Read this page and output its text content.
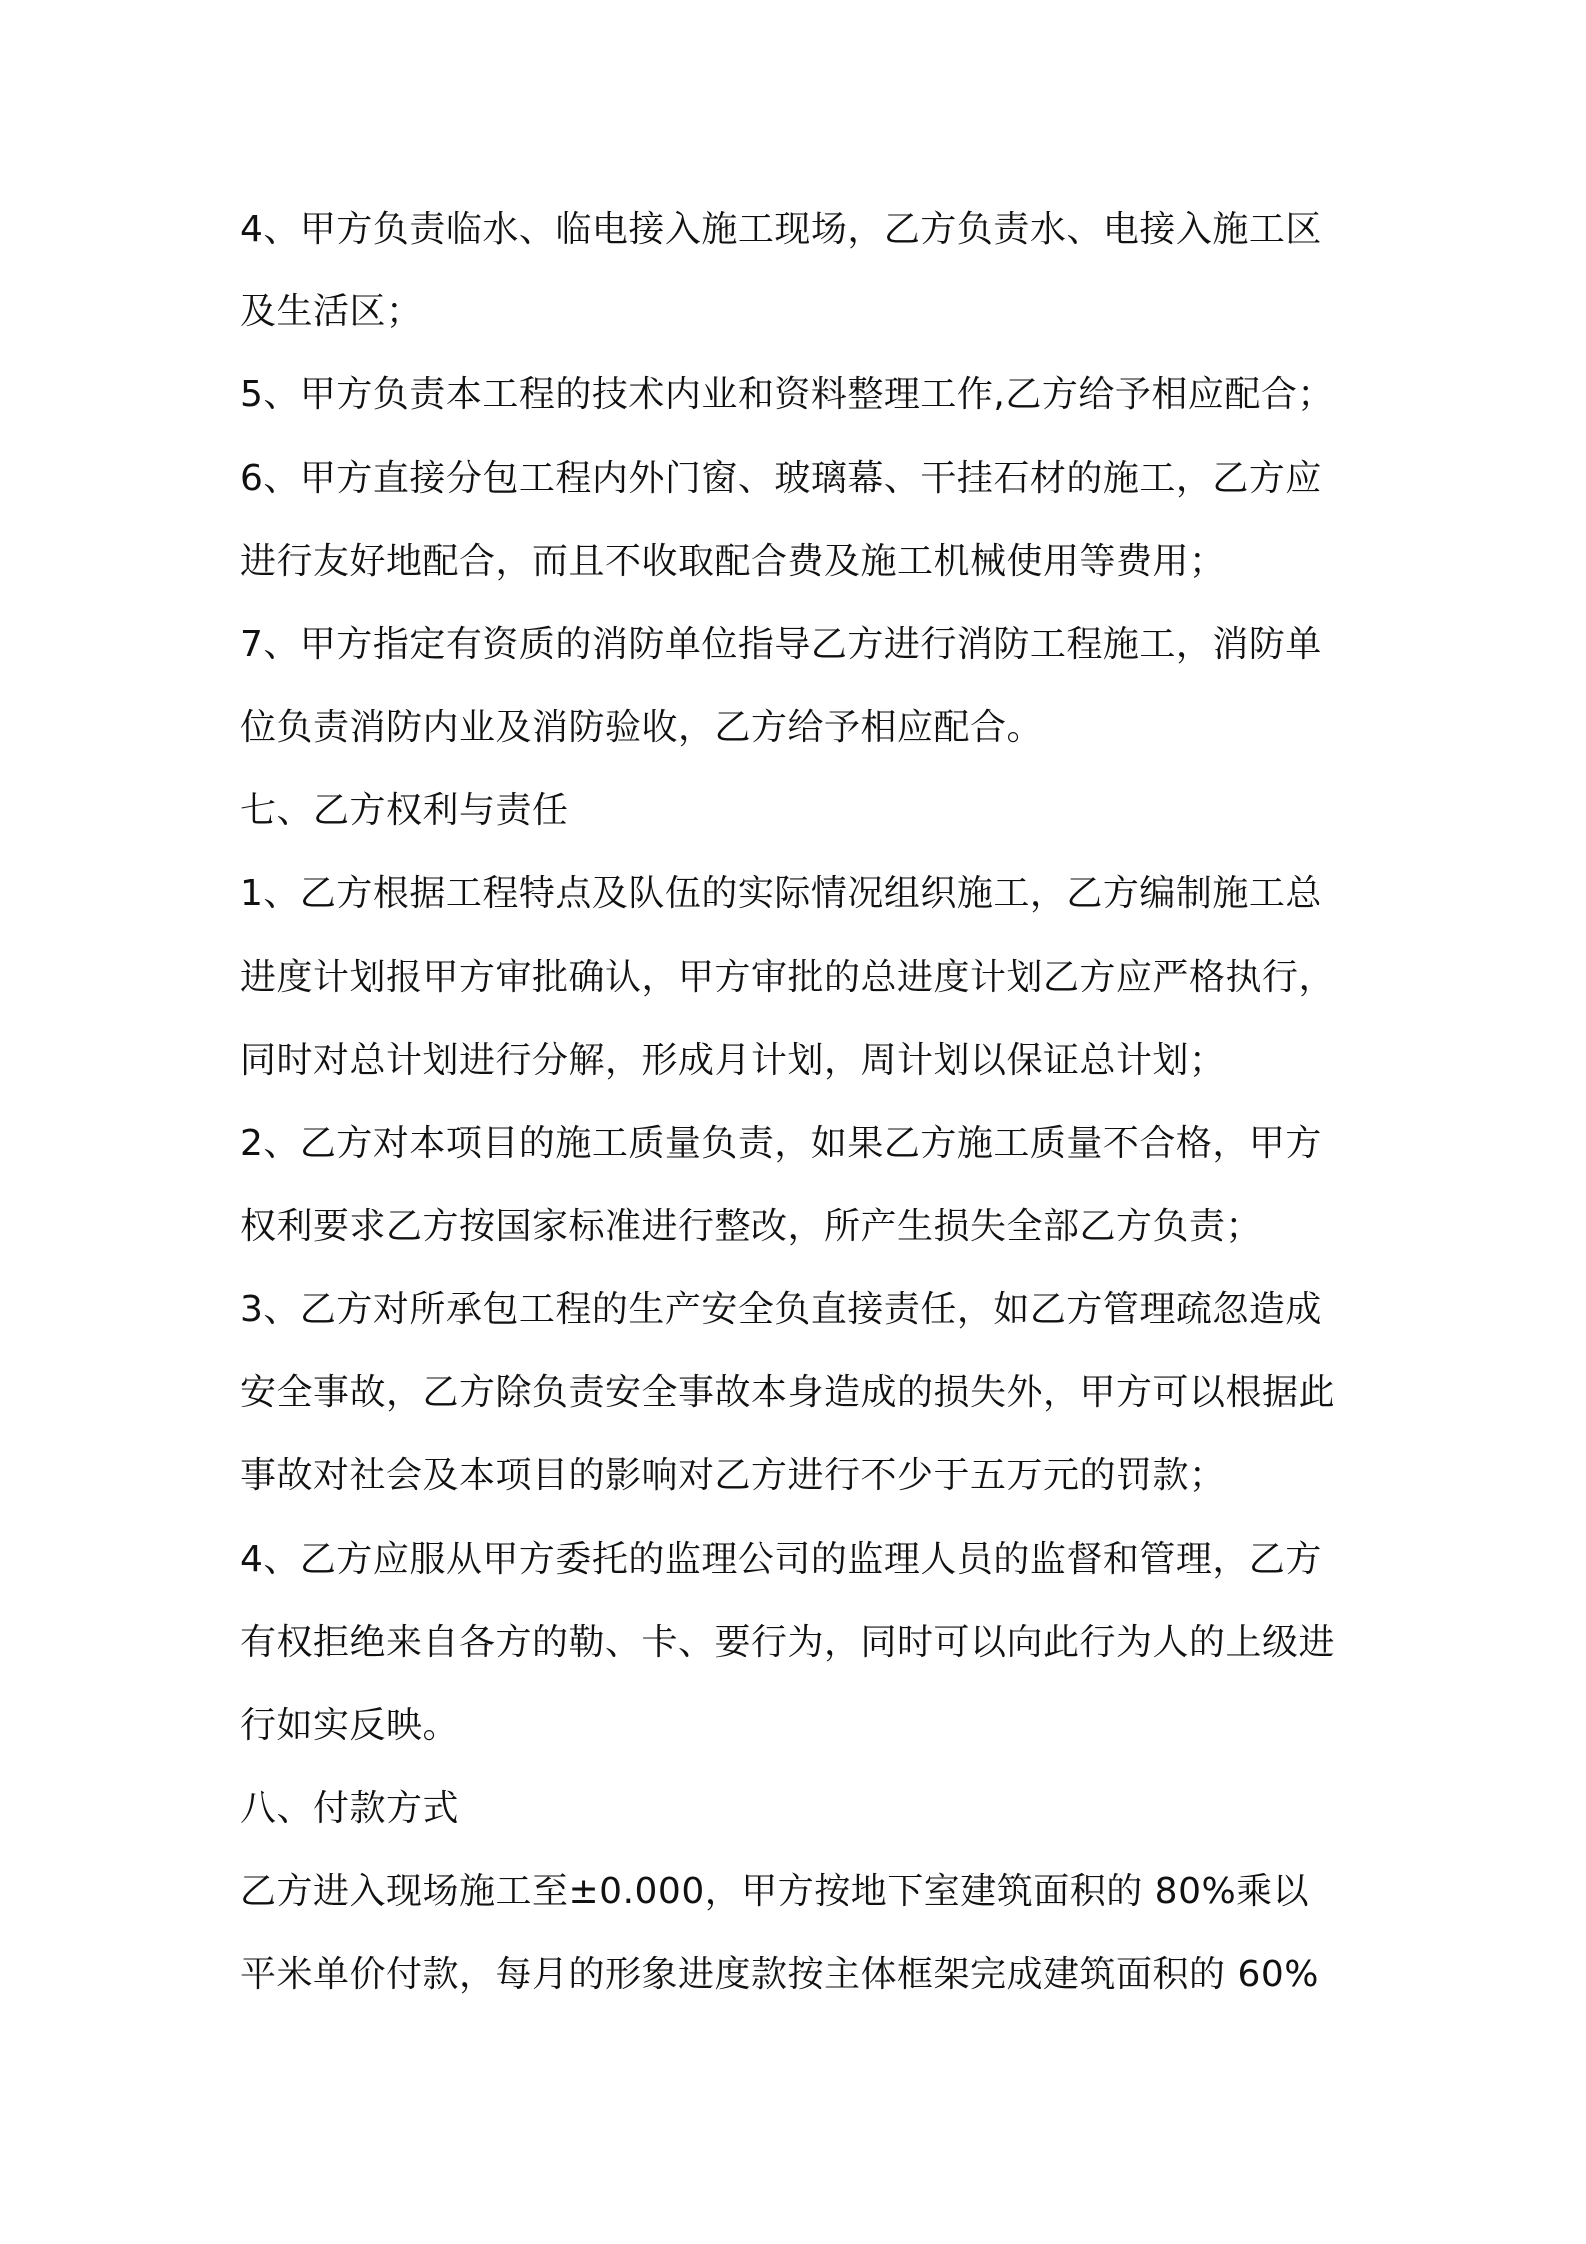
4、甲方负责临水、临电接入施工现场，乙方负责水、电接入施工区
及生活区；
5、甲方负责本工程的技术内业和资料整理工作,乙方给予相应配合；
6、甲方直接分包工程内外门窗、玻璃幕、干挂石材的施工，乙方应
进行友好地配合，而且不收取配合费及施工机械使用等费用；
7、甲方指定有资质的消防单位指导乙方进行消防工程施工，消防单
位负责消防内业及消防验收，乙方给予相应配合。
七、乙方权利与责任
1、乙方根据工程特点及队伍的实际情况组织施工，乙方编制施工总
进度计划报甲方审批确认，甲方审批的总进度计划乙方应严格执行，
同时对总计划进行分解，形成月计划，周计划以保证总计划；
2、乙方对本项目的施工质量负责，如果乙方施工质量不合格，甲方
权利要求乙方按国家标准进行整改，所产生损失全部乙方负责；
3、乙方对所承包工程的生产安全负直接责任，如乙方管理疏忽造成
安全事故，乙方除负责安全事故本身造成的损失外，甲方可以根据此
事故对社会及本项目的影响对乙方进行不少于五万元的罚款；
4、乙方应服从甲方委托的监理公司的监理人员的监督和管理，乙方
有权拒绝来自各方的勒、卡、要行为，同时可以向此行为人的上级进
行如实反映。
八、付款方式
乙方进入现场施工至±0.000，甲方按地下室建筑面积的 80%乘以
平米单价付款，每月的形象进度款按主体框架完成建筑面积的 60%
